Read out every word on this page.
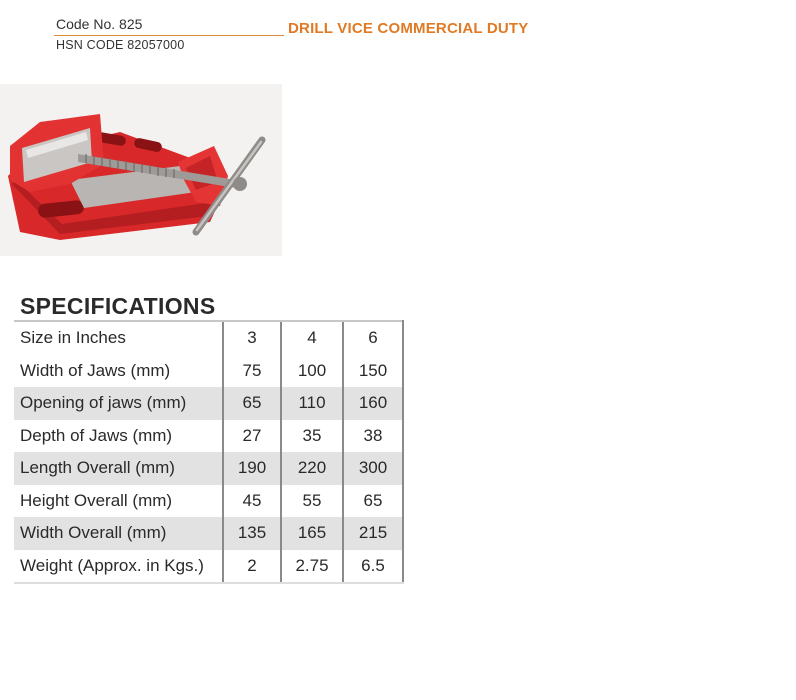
Code No. 825
HSN CODE 82057000
DRILL VICE COMMERCIAL DUTY
SPECIFICATIONS
Size in Inches	3	4	6
Width of Jaws (mm)	75	100	150
Opening of jaws (mm)	65	110	160
Depth of Jaws (mm)	27	35	38
Length Overall (mm)	190	220	300
Height Overall (mm)	45	55	65
Width Overall (mm)	135	165	215
Weight (Approx. in Kgs.)	2	2.75	6.5
